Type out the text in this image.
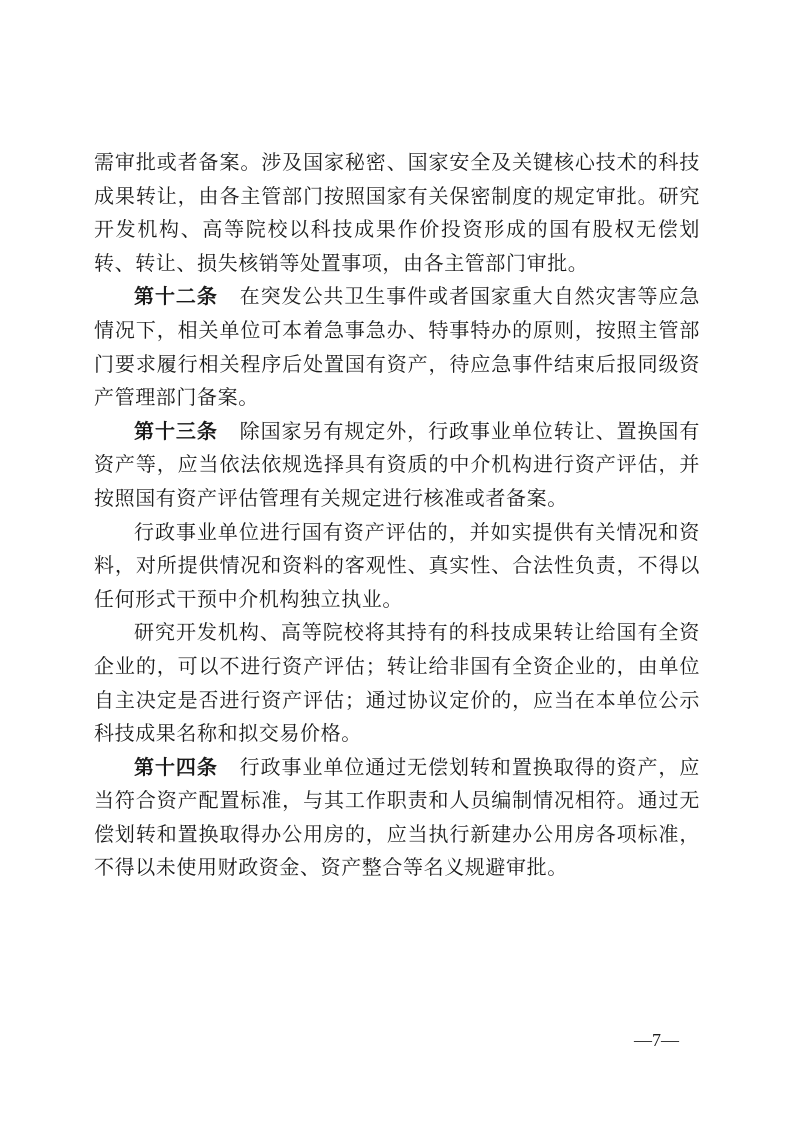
需审批或者备案。涉及国家秘密、国家安全及关键核心技术的科技成果转让，由各主管部门按照国家有关保密制度的规定审批。研究开发机构、高等院校以科技成果作价投资形成的国有股权无偿划转、转让、损失核销等处置事项，由各主管部门审批。

第十二条 在突发公共卫生事件或者国家重大自然灾害等应急情况下，相关单位可本着急事急办、特事特办的原则，按照主管部门要求履行相关程序后处置国有资产，待应急事件结束后报同级资产管理部门备案。

第十三条 除国家另有规定外，行政事业单位转让、置换国有资产等，应当依法依规选择具有资质的中介机构进行资产评估，并按照国有资产评估管理有关规定进行核准或者备案。

行政事业单位进行国有资产评估的，并如实提供有关情况和资料，对所提供情况和资料的客观性、真实性、合法性负责，不得以任何形式干预中介机构独立执业。

研究开发机构、高等院校将其持有的科技成果转让给国有全资企业的，可以不进行资产评估；转让给非国有全资企业的，由单位自主决定是否进行资产评估；通过协议定价的，应当在本单位公示科技成果名称和拟交易价格。

第十四条 行政事业单位通过无偿划转和置换取得的资产，应当符合资产配置标准，与其工作职责和人员编制情况相符。通过无偿划转和置换取得办公用房的，应当执行新建办公用房各项标准，不得以未使用财政资金、资产整合等名义规避审批。

—7—
